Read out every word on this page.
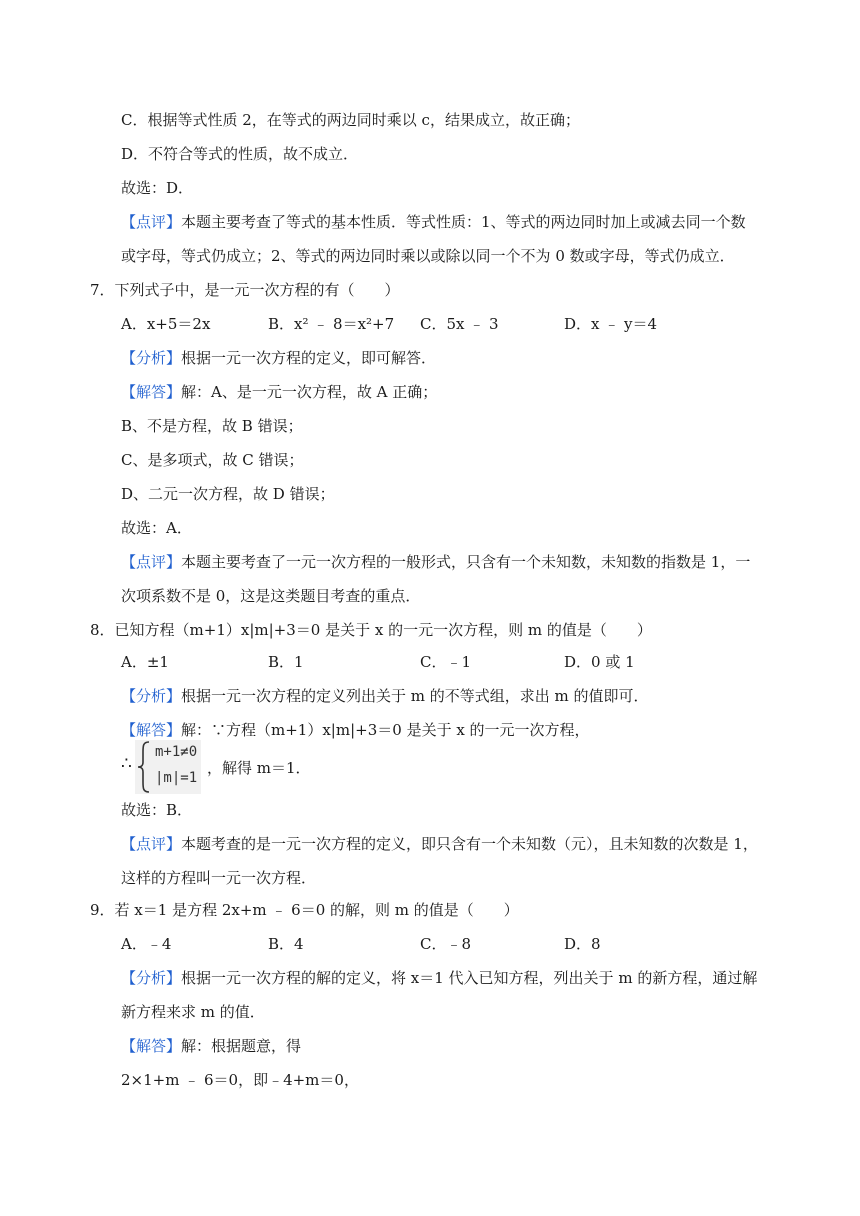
C．根据等式性质 2，在等式的两边同时乘以 c，结果成立，故正确；
D．不符合等式的性质，故不成立．
故选：D．
【点评】本题主要考查了等式的基本性质．等式性质：1、等式的两边同时加上或减去同一个数
或字母，等式仍成立；2、等式的两边同时乘以或除以同一个不为 0 数或字母，等式仍成立．
7．下列式子中，是一元一次方程的有（　　）
A．x+5＝2x	B．x² ﹣ 8＝x²+7 C．5x ﹣ 3	D．x ﹣ y＝4
【分析】根据一元一次方程的定义，即可解答．
【解答】解：A、是一元一次方程，故 A 正确；
B、不是方程，故 B 错误；
C、是多项式，故 C 错误；
D、二元一次方程，故 D 错误；
故选：A．
【点评】本题主要考查了一元一次方程的一般形式，只含有一个未知数，未知数的指数是 1，一
次项系数不是 0，这是这类题目考查的重点．
8．已知方程（m+1）x|m|+3＝0 是关于 x 的一元一次方程，则 m 的值是（　　）
A．±1	B．1	C．﹣1	D．0 或 1
【分析】根据一元一次方程的定义列出关于 m 的不等式组，求出 m 的值即可．
【解答】解：∵方程（m+1）x|m|+3＝0 是关于 x 的一元一次方程，
∴
m+1≠0
|m|=1
，解得 m＝1．
故选：B．
【点评】本题考查的是一元一次方程的定义，即只含有一个未知数（元），且未知数的次数是 1，
这样的方程叫一元一次方程．
9．若 x＝1 是方程 2x+m ﹣ 6＝0 的解，则 m 的值是（　　）
A．﹣4	B．4	C．﹣8	D．8
【分析】根据一元一次方程的解的定义，将 x＝1 代入已知方程，列出关于 m 的新方程，通过解
新方程来求 m 的值．
【解答】解：根据题意，得
2×1+m ﹣ 6＝0，即﹣4+m＝0，
